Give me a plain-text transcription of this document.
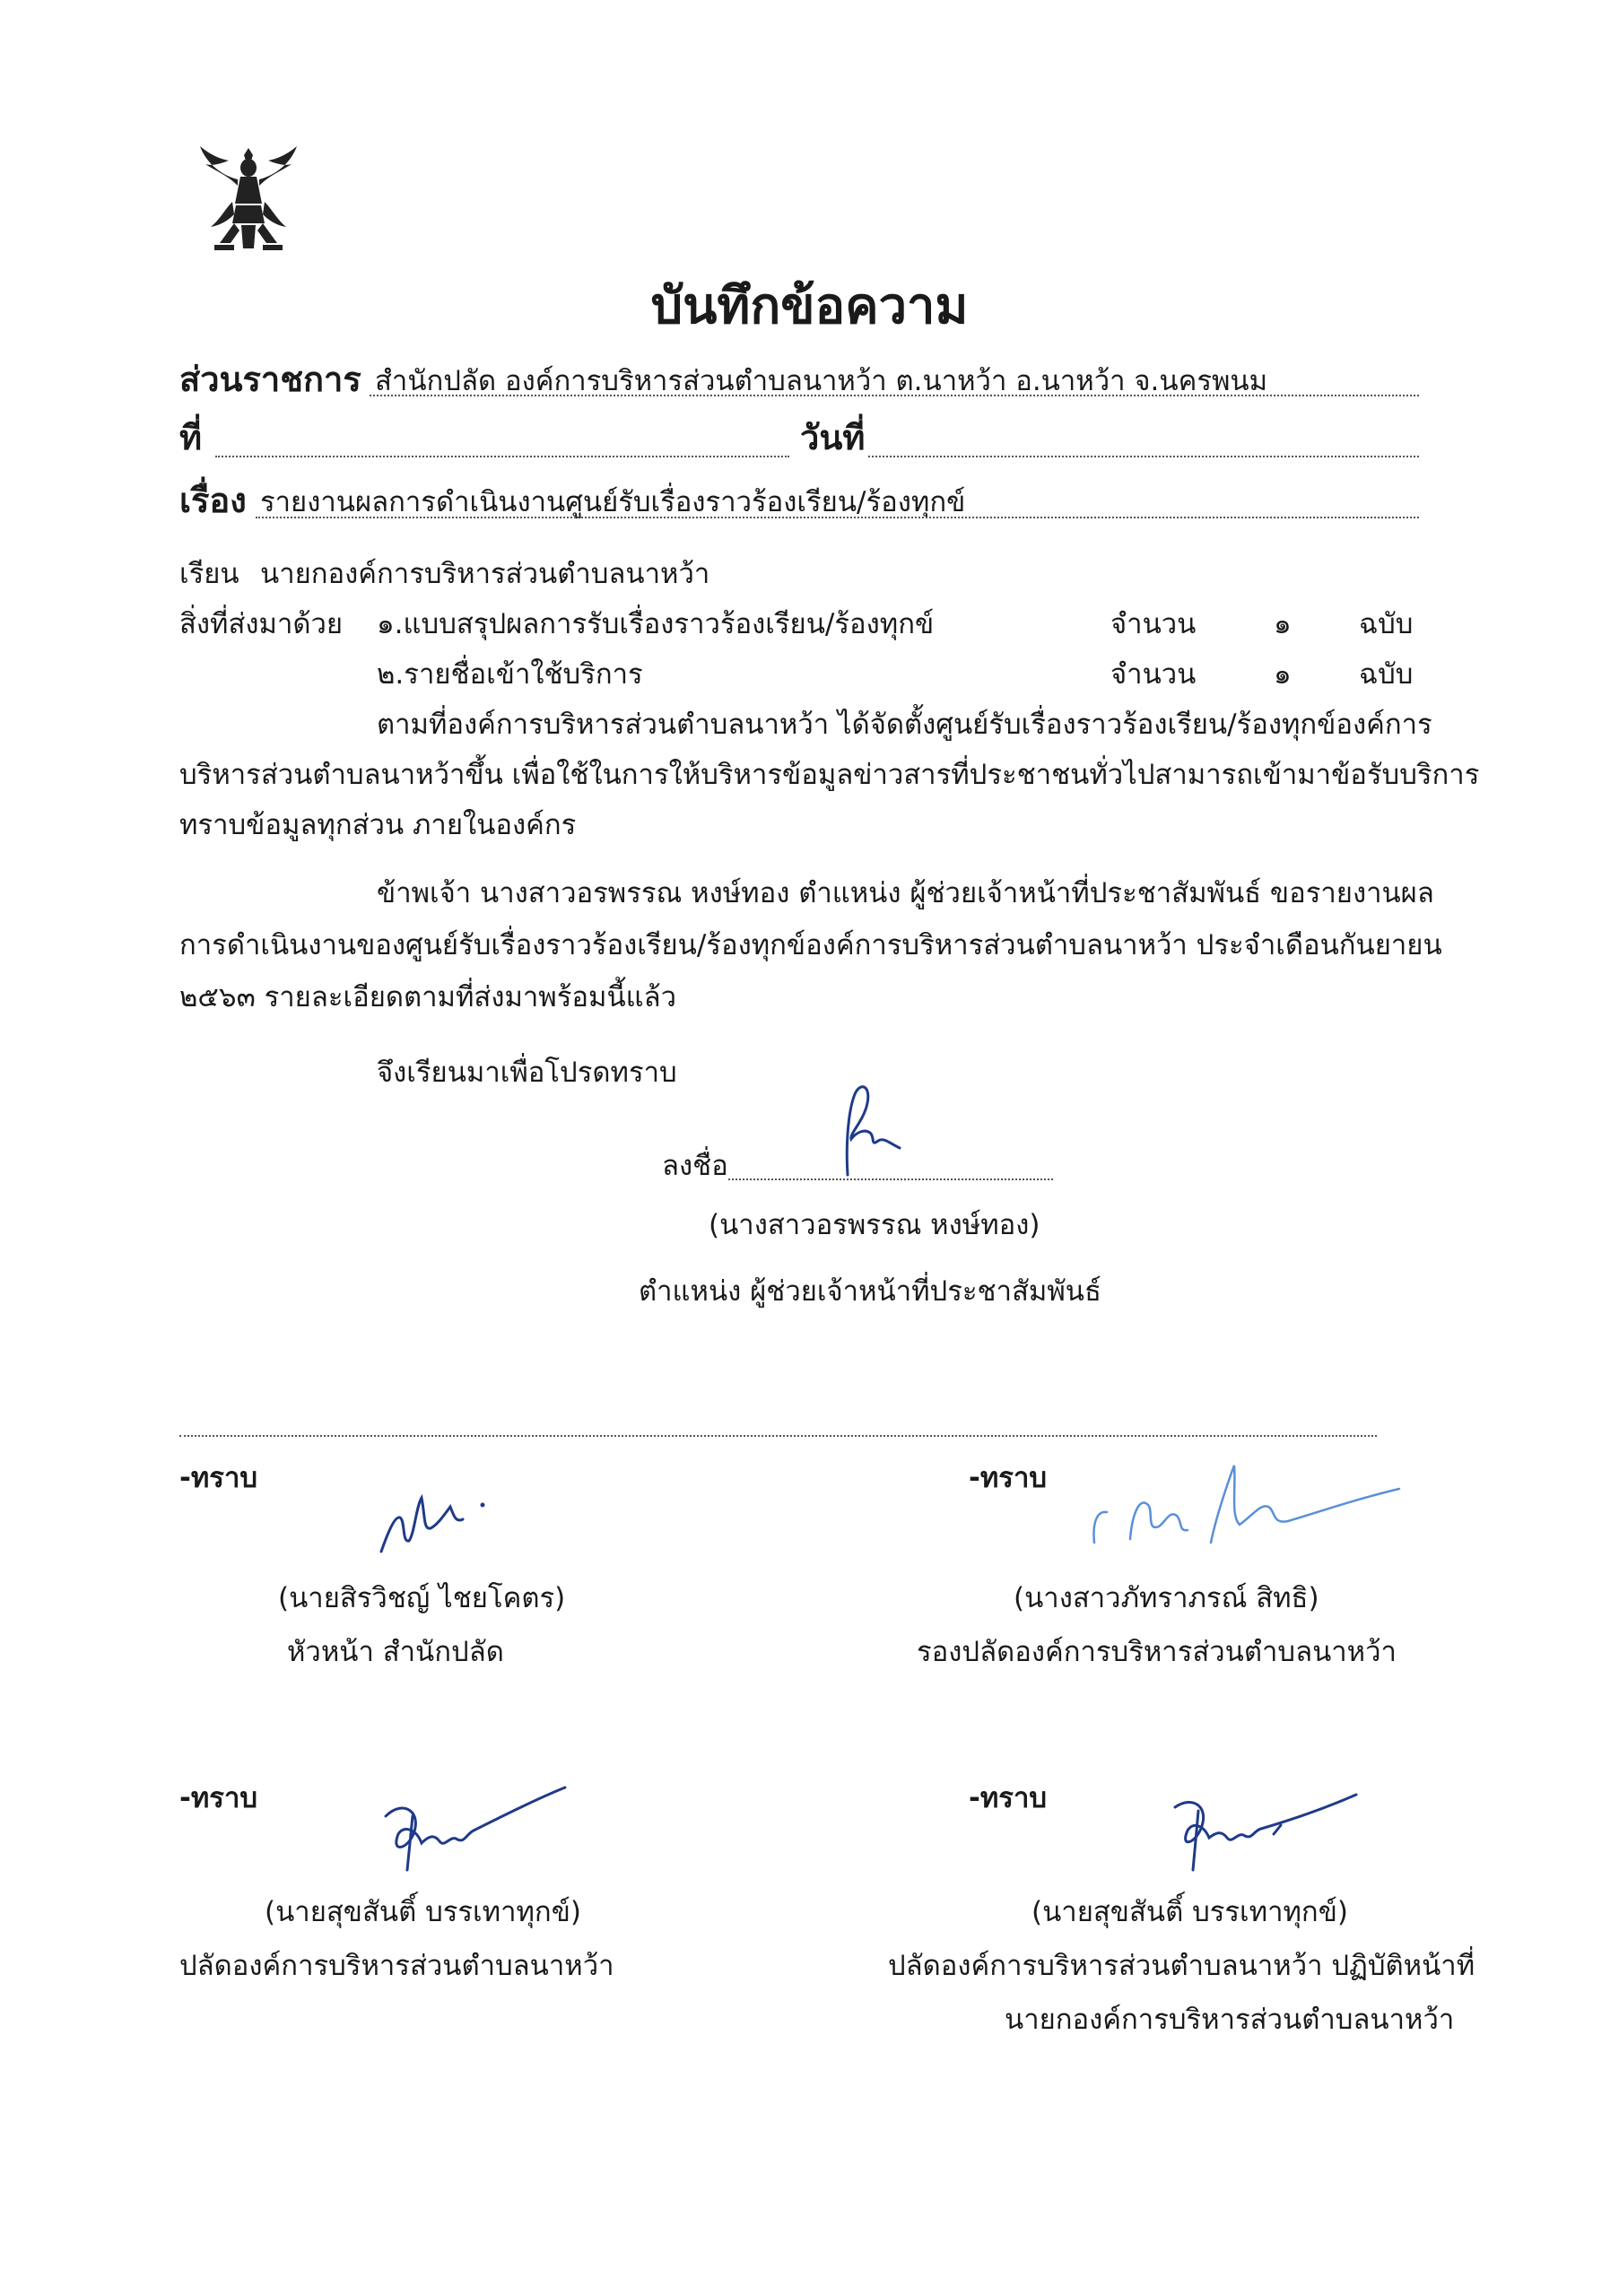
บันทึกข้อความ
ส่วนราชการ สำนักปลัด องค์การบริหารส่วนตำบลนาหว้า ต.นาหว้า อ.นาหว้า จ.นครพนม
ที่	วันที่
เรื่อง รายงานผลการดำเนินงานศูนย์รับเรื่องราวร้องเรียน/ร้องทุกข์
เรียน นายกองค์การบริหารส่วนตำบลนาหว้า
สิ่งที่ส่งมาด้วย ๑.แบบสรุปผลการรับเรื่องราวร้องเรียน/ร้องทุกข์	จำนวน	๑ ฉบับ
๒.รายชื่อเข้าใช้บริการ	จำนวน	๑ ฉบับ
ตามที่องค์การบริหารส่วนตำบลนาหว้า ได้จัดตั้งศูนย์รับเรื่องราวร้องเรียน/ร้องทุกข์องค์การ
บริหารส่วนตำบลนาหว้าขึ้น เพื่อใช้ในการให้บริหารข้อมูลข่าวสารที่ประชาชนทั่วไปสามารถเข้ามาข้อรับบริการ
ทราบข้อมูลทุกส่วน ภายในองค์กร
ข้าพเจ้า นางสาวอรพรรณ หงษ์ทอง ตำแหน่ง ผู้ช่วยเจ้าหน้าที่ประชาสัมพันธ์ ขอรายงานผล
การดำเนินงานของศูนย์รับเรื่องราวร้องเรียน/ร้องทุกข์องค์การบริหารส่วนตำบลนาหว้า ประจำเดือนกันยายน
๒๕๖๓ รายละเอียดตามที่ส่งมาพร้อมนี้แล้ว
จึงเรียนมาเพื่อโปรดทราบ
ลงชื่อ
(นางสาวอรพรรณ หงษ์ทอง)
ตำแหน่ง ผู้ช่วยเจ้าหน้าที่ประชาสัมพันธ์
-ทราบ
(นายสิรวิชญ์ ไชยโคตร)
หัวหน้า สำนักปลัด
-ทราบ
(นางสาวภัทราภรณ์ สิทธิ)
รองปลัดองค์การบริหารส่วนตำบลนาหว้า
-ทราบ
(นายสุขสันติ์ บรรเทาทุกข์)
ปลัดองค์การบริหารส่วนตำบลนาหว้า
-ทราบ
(นายสุขสันติ์ บรรเทาทุกข์)
ปลัดองค์การบริหารส่วนตำบลนาหว้า ปฏิบัติหน้าที่
นายกองค์การบริหารส่วนตำบลนาหว้า
